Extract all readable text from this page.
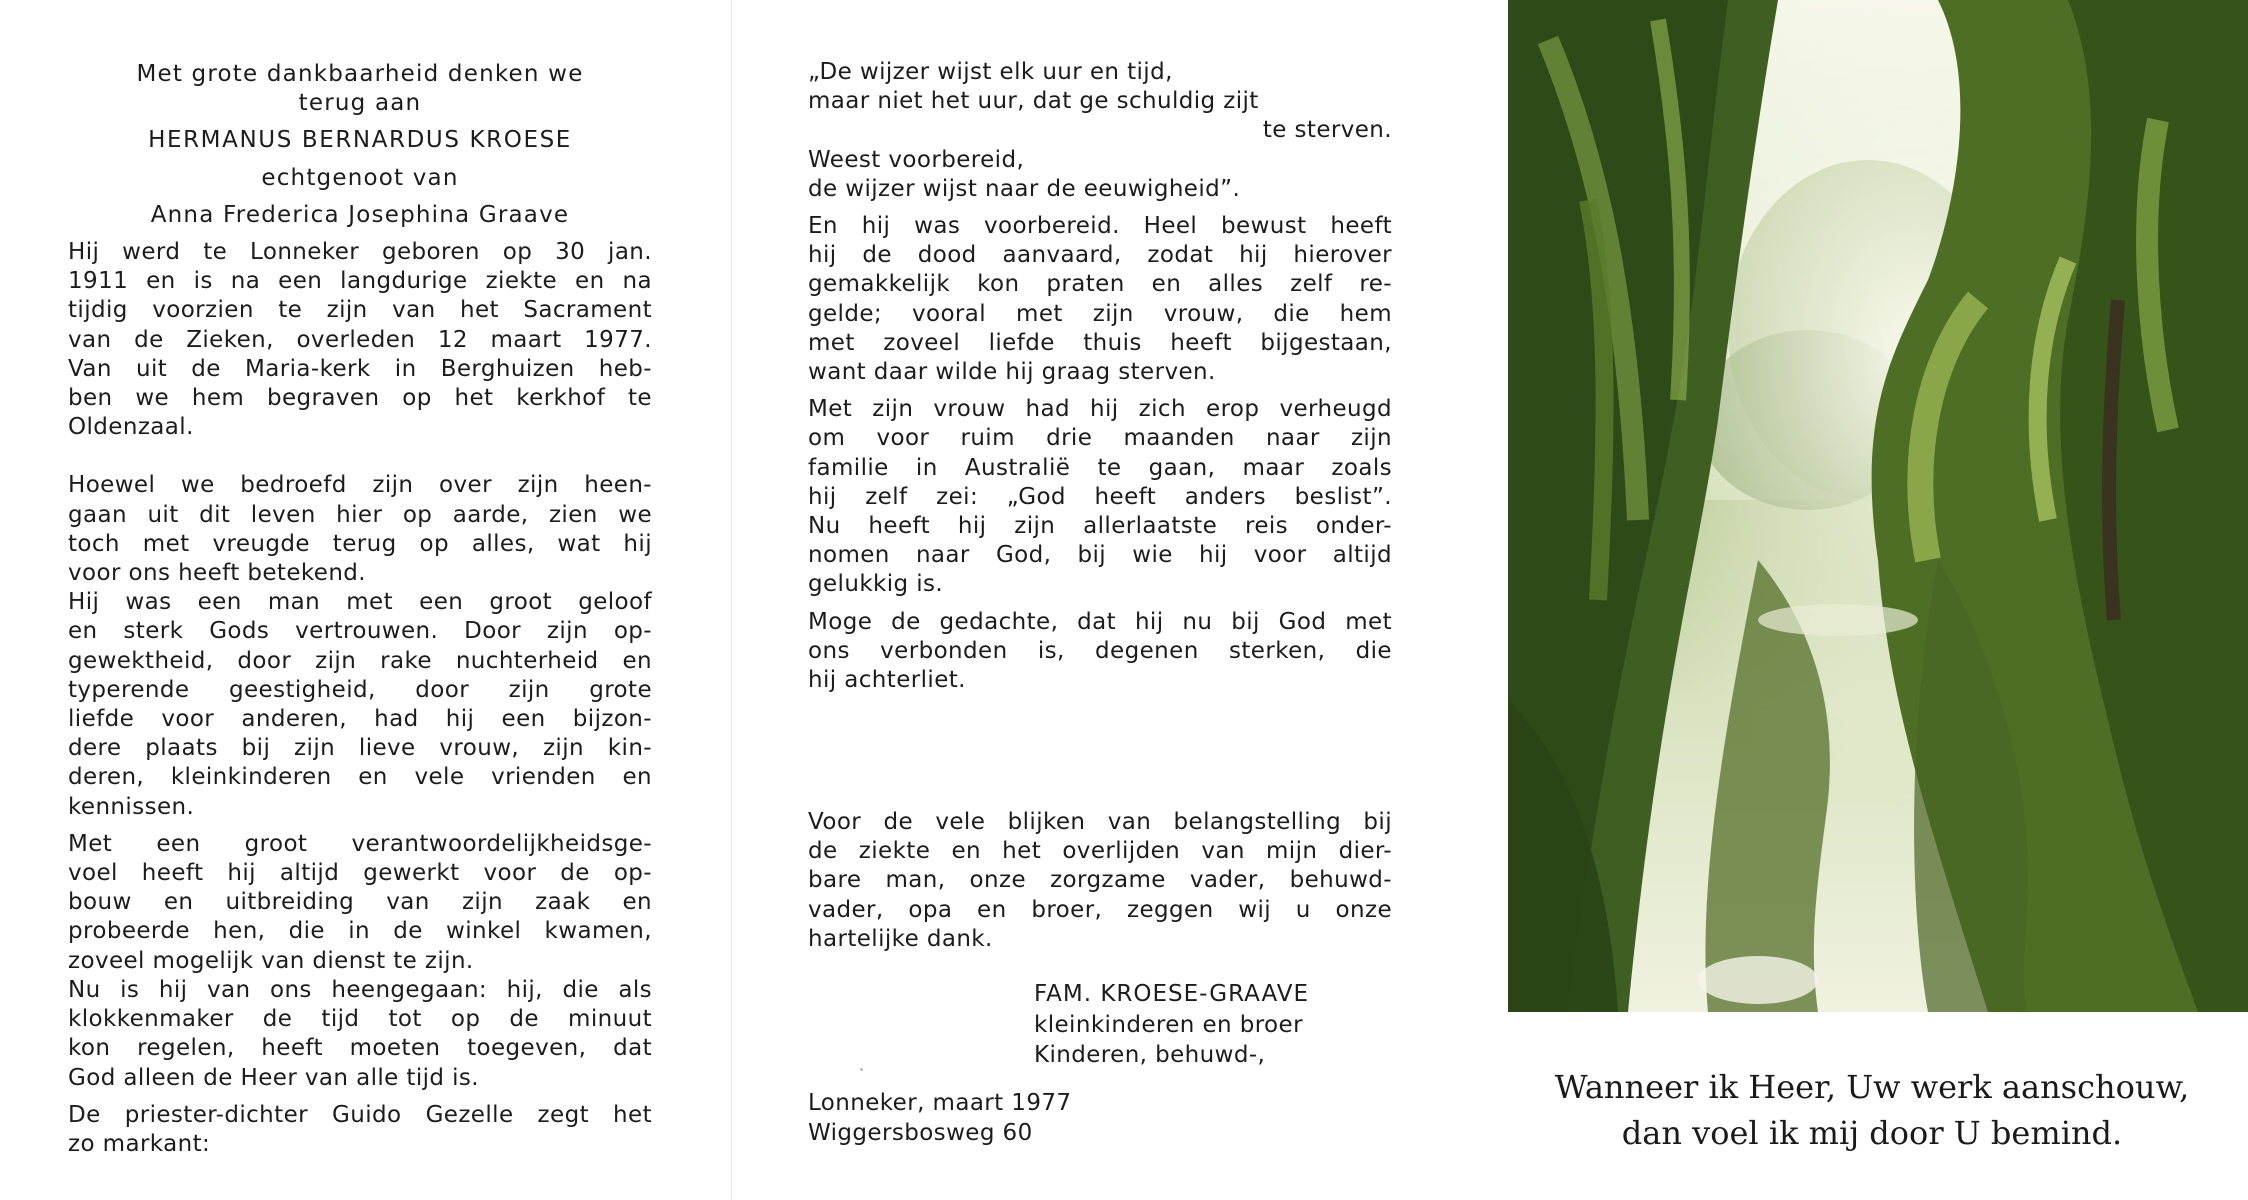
Met grote dankbaarheid denken we
terug aan
HERMANUS BERNARDUS KROESE
echtgenoot van
Anna Frederica Josephina Graave
Hij werd te Lonneker geboren op 30 jan.
1911 en is na een langdurige ziekte en na
tijdig voorzien te zijn van het Sacrament
van de Zieken, overleden 12 maart 1977.
Van uit de Maria-kerk in Berghuizen heb-
ben we hem begraven op het kerkhof te
Oldenzaal.
Hoewel we bedroefd zijn over zijn heen-
gaan uit dit leven hier op aarde, zien we
toch met vreugde terug op alles, wat hij
voor ons heeft betekend.
Hij was een man met een groot geloof
en sterk Gods vertrouwen. Door zijn op-
gewektheid, door zijn rake nuchterheid en
typerende geestigheid, door zijn grote
liefde voor anderen, had hij een bijzon-
dere plaats bij zijn lieve vrouw, zijn kin-
deren, kleinkinderen en vele vrienden en
kennissen.
Met een groot verantwoordelijkheidsge-
voel heeft hij altijd gewerkt voor de op-
bouw en uitbreiding van zijn zaak en
probeerde hen, die in de winkel kwamen,
zoveel mogelijk van dienst te zijn.
Nu is hij van ons heengegaan: hij, die als
klokkenmaker de tijd tot op de minuut
kon regelen, heeft moeten toegeven, dat
God alleen de Heer van alle tijd is.
De priester-dichter Guido Gezelle zegt het
zo markant:
„De wijzer wijst elk uur en tijd,
maar niet het uur, dat ge schuldig zijt
te sterven.
Weest voorbereid,
de wijzer wijst naar de eeuwigheid”.
En hij was voorbereid. Heel bewust heeft
hij de dood aanvaard, zodat hij hierover
gemakkelijk kon praten en alles zelf re-
gelde; vooral met zijn vrouw, die hem
met zoveel liefde thuis heeft bijgestaan,
want daar wilde hij graag sterven.
Met zijn vrouw had hij zich erop verheugd
om voor ruim drie maanden naar zijn
familie in Australië te gaan, maar zoals
hij zelf zei: „God heeft anders beslist”.
Nu heeft hij zijn allerlaatste reis onder-
nomen naar God, bij wie hij voor altijd
gelukkig is.
Moge de gedachte, dat hij nu bij God met
ons verbonden is, degenen sterken, die
hij achterliet.
Voor de vele blijken van belangstelling bij
de ziekte en het overlijden van mijn dier-
bare man, onze zorgzame vader, behuwd-
vader, opa en broer, zeggen wij u onze
hartelijke dank.
FAM. KROESE-GRAAVE
kleinkinderen en broer
Kinderen, behuwd-,
Lonneker, maart 1977
Wiggersbosweg 60
Wanneer ik Heer, Uw werk aanschouw,
dan voel ik mij door U bemind.
